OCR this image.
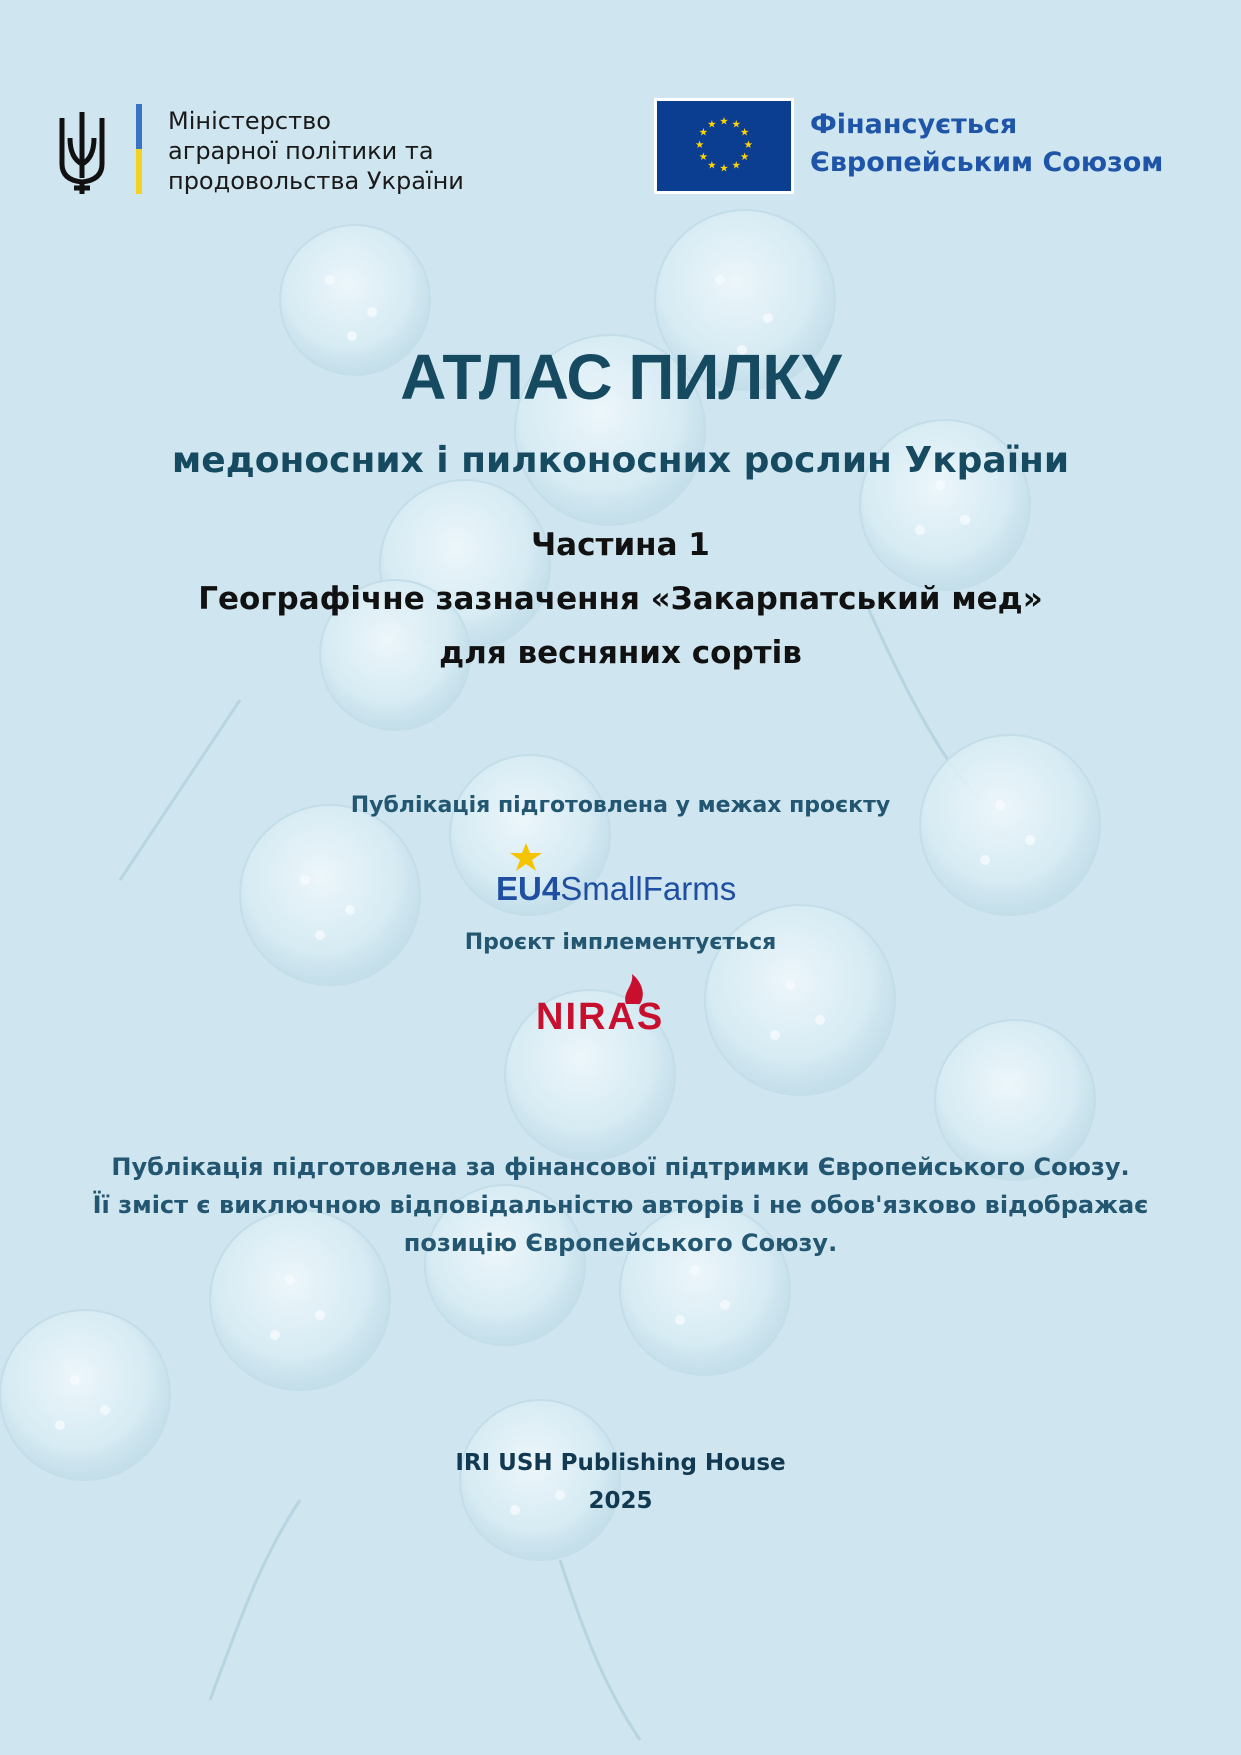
Міністерство
аграрної політики та
продовольства України
★ ★
★
★
★
★
★
★
★
★
★
★	Фінансується
Європейським Союзом
АТЛАС ПИЛКУ
медоносних і пилконосних рослин України
Частина 1
Географічне зазначення «Закарпатський мед»
для весняних сортів
Публікація підготовлена у межах проєкту
EU4SmallFarms
Проєкт імплементується
NIRAS
Публікація підготовлена за фінансової підтримки Європейського Союзу.
Її зміст є виключною відповідальністю авторів і не обов'язково відображає
позицію Європейського Союзу.
IRI USH Publishing House
2025
